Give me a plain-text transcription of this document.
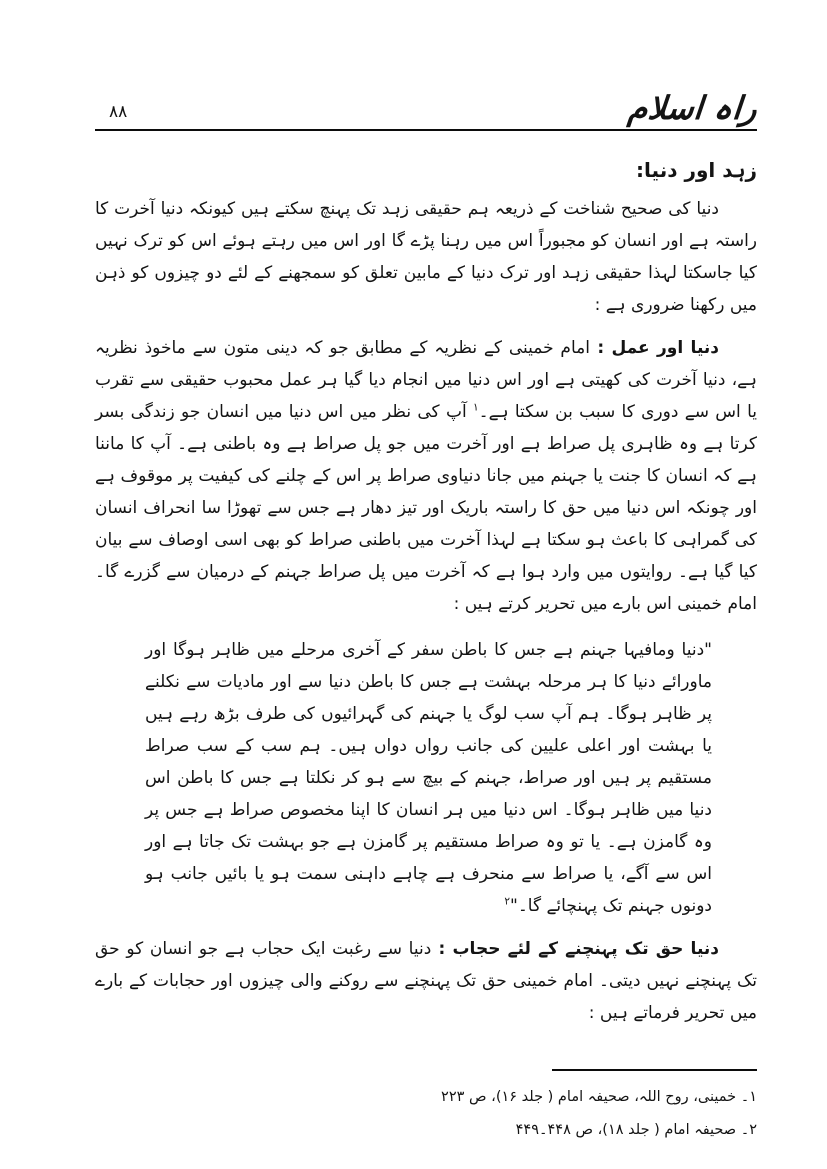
راہ اسلام
۸۸
زہد اور دنیا:

دنیا کی صحیح شناخت کے ذریعہ ہم حقیقی زہد تک پہنچ سکتے ہیں کیونکہ دنیا آخرت کا راستہ ہے اور انسان کو مجبوراً اس میں رہنا پڑے گا اور اس میں رہتے ہوئے اس کو ترک نہیں کیا جاسکتا لہذا حقیقی زہد اور ترک دنیا کے مابین تعلق کو سمجھنے کے لئے دو چیزوں کو ذہن میں رکھنا ضروری ہے :

دنیا اور عمل : امام خمینی کے نظریہ کے مطابق جو کہ دینی متون سے ماخوذ نظریہ ہے، دنیا آخرت کی کھیتی ہے اور اس دنیا میں انجام دیا گیا ہر عمل محبوب حقیقی سے تقرب یا اس سے دوری کا سبب بن سکتا ہے۔$^۱$ آپ کی نظر میں اس دنیا میں انسان جو زندگی بسر کرتا ہے وہ ظاہری پل صراط ہے اور آخرت میں جو پل صراط ہے وہ باطنی ہے۔ آپ کا ماننا ہے کہ انسان کا جنت یا جہنم میں جانا دنیاوی صراط پر اس کے چلنے کی کیفیت پر موقوف ہے اور چونکہ اس دنیا میں حق کا راستہ باریک اور تیز دھار ہے جس سے تھوڑا سا انحراف انسان کی گمراہی کا باعث ہو سکتا ہے لہذا آخرت میں باطنی صراط کو بھی اسی اوصاف سے بیان کیا گیا ہے۔ روایتوں میں وارد ہوا ہے کہ آخرت میں پل صراط جہنم کے درمیان سے گزرے گا۔ امام خمینی اس بارے میں تحریر کرتے ہیں :

"دنیا ومافیہا جہنم ہے جس کا باطن سفر کے آخری مرحلے میں ظاہر ہوگا اور ماورائے دنیا کا ہر مرحلہ بہشت ہے جس کا باطن دنیا سے اور مادیات سے نکلنے پر ظاہر ہوگا۔ ہم آپ سب لوگ یا جہنم کی گہرائیوں کی طرف بڑھ رہے ہیں یا بہشت اور اعلی علیین کی جانب رواں دواں ہیں۔ ہم سب کے سب صراط مستقیم پر ہیں اور صراط، جہنم کے بیچ سے ہو کر نکلتا ہے جس کا باطن اس دنیا میں ظاہر ہوگا۔ اس دنیا میں ہر انسان کا اپنا مخصوص صراط ہے جس پر وہ گامزن ہے۔ یا تو وہ صراط مستقیم پر گامزن ہے جو بہشت تک جاتا ہے اور اس سے آگے، یا صراط سے منحرف ہے چاہے داہنی سمت ہو یا بائیں جانب ہو دونوں جہنم تک پہنچائے گا۔"$^۲$

دنیا حق تک پہنچنے کے لئے حجاب : دنیا سے رغبت ایک حجاب ہے جو انسان کو حق تک پہنچنے نہیں دیتی۔ امام خمینی حق تک پہنچنے سے روکنے والی چیزوں اور حجابات کے بارے میں تحریر فرماتے ہیں :

۱۔ خمینی، روح اللہ، صحیفہ امام ( جلد ۱۶)، ص ۲۲۳
۲۔ صحیفہ امام ( جلد ۱۸)، ص ۴۴۸۔۴۴۹
